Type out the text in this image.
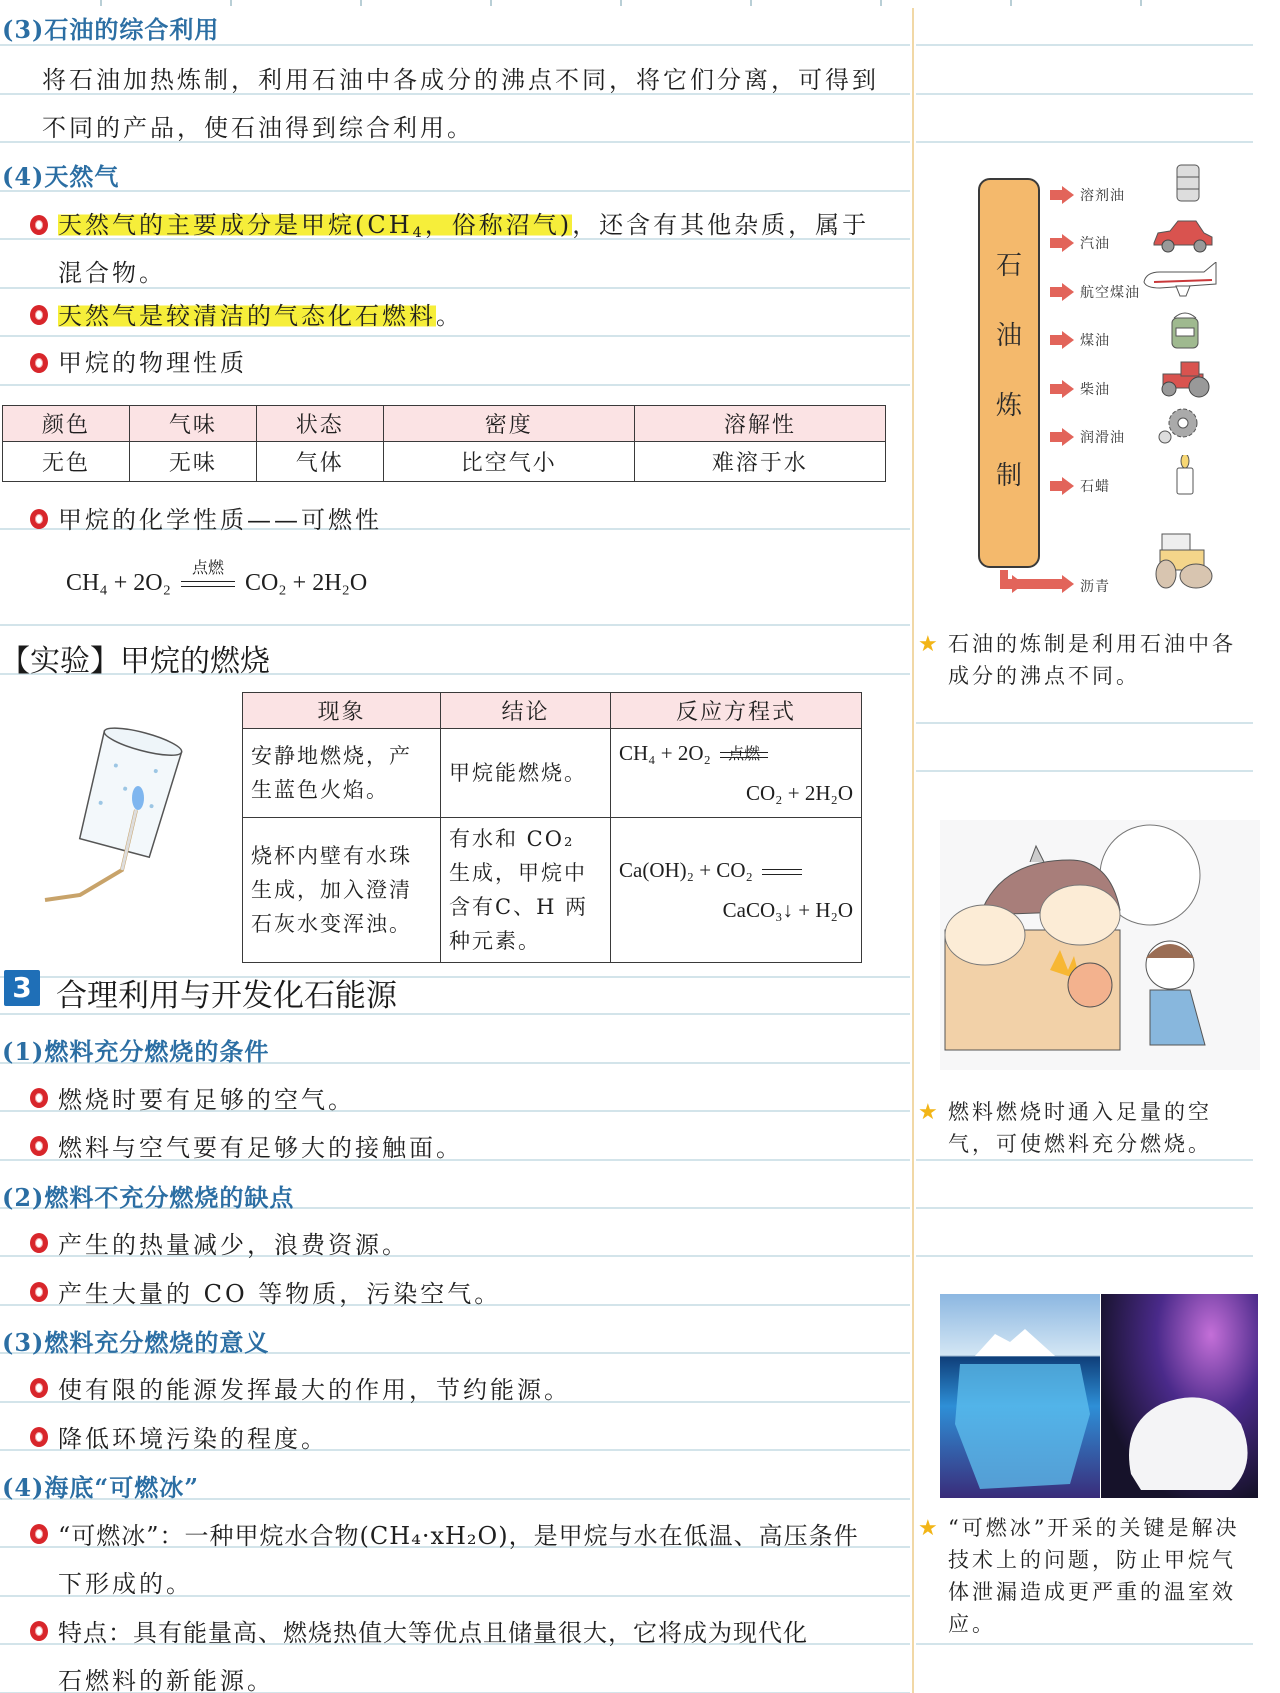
(3)石油的综合利用
将石油加热炼制，利用石油中各成分的沸点不同，将它们分离，可得到
不同的产品，使石油得到综合利用。
(4)天然气
天然气的主要成分是甲烷($CH_4$，俗称沼气)，还含有其他杂质，属于
混合物。
天然气是较清洁的气态化石燃料。
甲烷的物理性质
颜色	气味	状态	密度	溶解性
无色	无味	气体	比空气小	难溶于水
甲烷的化学性质——可燃性
CH₄ + 2O₂
点燃
CO₂ + 2H₂O
【实验】甲烷的燃烧
现象	结论	反应方程式
安静地燃烧，产生蓝色火焰。	甲烷能燃烧。	CH₄ + 2O₂ 点燃
CO₂ + 2H₂O

烧杯内壁有水珠生成，加入澄清石灰水变浑浊。	有水和 CO₂ 生成，甲烷中含有C、H 两种元素。	Ca(OH)₂ + CO₂
CaCO₃↓ + H₂O
3 合理利用与开发化石能源
(1)燃料充分燃烧的条件
燃烧时要有足够的空气。
燃料与空气要有足够大的接触面。
(2)燃料不充分燃烧的缺点
产生的热量减少，浪费资源。
产生大量的 CO 等物质，污染空气。
(3)燃料充分燃烧的意义
使有限的能源发挥最大的作用，节约能源。
降低环境污染的程度。
(4)海底“可燃冰”
“可燃冰”：一种甲烷水合物(CH₄·xH₂O)，是甲烷与水在低温、高压条件
下形成的。
特点：具有能量高、燃烧热值大等优点且储量很大，它将成为现代化
石燃料的新能源。
石
油
炼
制
溶剂油
汽油
航空煤油
煤油
柴油
润滑油
石蜡
沥青
★ 石油的炼制是利用石油中各成分的沸点不同。
★ 燃料燃烧时通入足量的空气，可使燃料充分燃烧。
★ “可燃冰”开采的关键是解决技术上的问题，防止甲烷气体泄漏造成更严重的温室效应。
